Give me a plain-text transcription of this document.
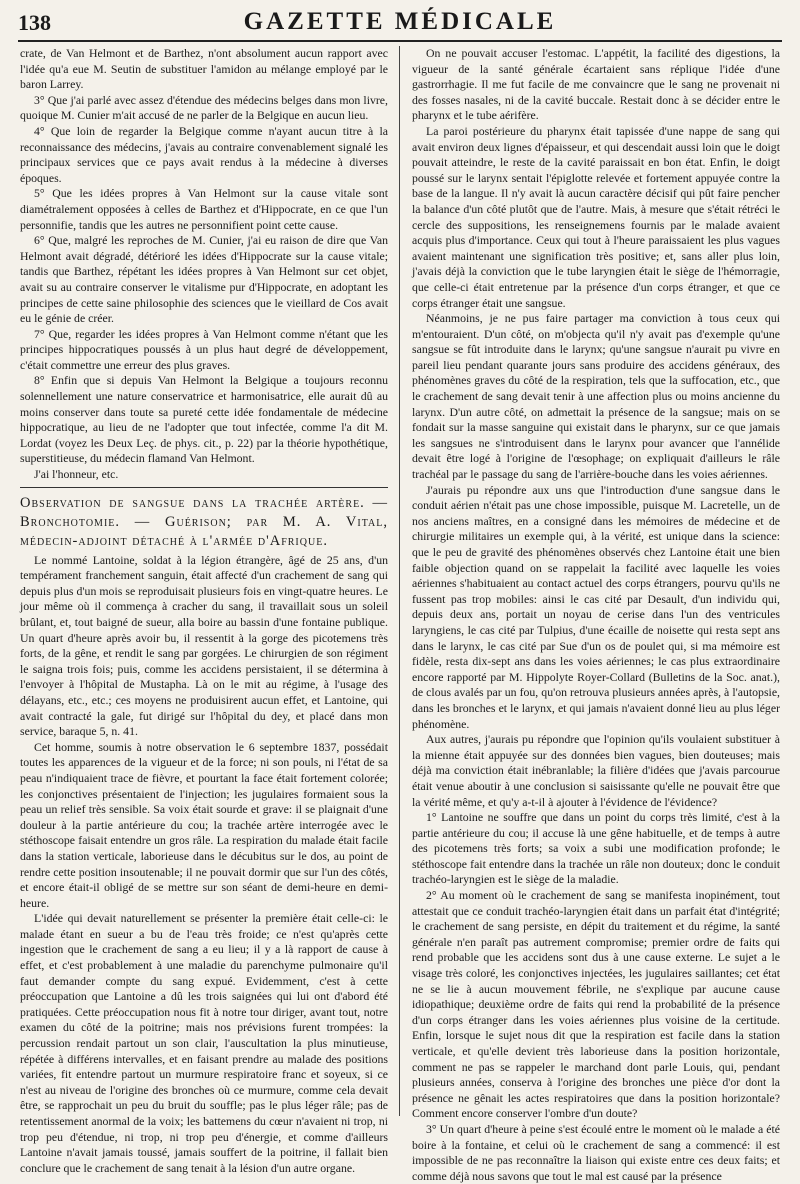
138	GAZETTE MÉDICALE

crate, de Van Helmont et de Barthez, n'ont absolument aucun rapport avec l'idée qu'a eue M. Seutin de substituer l'amidon au mélange employé par le baron Larrey.

3° Que j'ai parlé avec assez d'étendue des médecins belges dans mon livre, quoique M. Cunier m'ait accusé de ne parler de la Belgique en aucun lieu.

4° Que loin de regarder la Belgique comme n'ayant aucun titre à la reconnaissance des médecins, j'avais au contraire convenablement signalé les principaux services que ce pays avait rendus à la médecine à diverses époques.

5° Que les idées propres à Van Helmont sur la cause vitale sont diamétralement opposées à celles de Barthez et d'Hippocrate, en ce que l'un personnifie, tandis que les autres ne personnifient point cette cause.

6° Que, malgré les reproches de M. Cunier, j'ai eu raison de dire que Van Helmont avait dégradé, détérioré les idées d'Hippocrate sur la cause vitale; tandis que Barthez, répétant les idées propres à Van Helmont sur cet objet, avait su au contraire conserver le vitalisme pur d'Hippocrate, en adoptant les principes de cette saine philosophie des sciences que le vieillard de Cos avait eu le génie de créer.

7° Que, regarder les idées propres à Van Helmont comme n'étant que les principes hippocratiques poussés à un plus haut degré de développement, c'était commettre une erreur des plus graves.

8° Enfin que si depuis Van Helmont la Belgique a toujours reconnu solennellement une nature conservatrice et harmonisatrice, elle aurait dû au moins conserver dans toute sa pureté cette idée fondamentale de médecine hippocratique, au lieu de ne l'adopter que tout infectée, comme l'a dit M. Lordat (voyez les Deux Leç. de phys. cit., p. 22) par la théorie hypothétique, superstitieuse, du médecin flamand Van Helmont.

J'ai l'honneur, etc.

Observation de sangsue dans la trachée artère. — Bronchotomie. — Guérison; par M. A. Vital, médecin-adjoint détaché à l'armée d'Afrique.

Le nommé Lantoine, soldat à la légion étrangère, âgé de 25 ans, d'un tempérament franchement sanguin, était affecté d'un crachement de sang qui depuis plus d'un mois se reproduisait plusieurs fois en vingt-quatre heures. Le jour même où il commença à cracher du sang, il travaillait sous un soleil brûlant, et, tout baigné de sueur, alla boire au bassin d'une fontaine publique. Un quart d'heure après avoir bu, il ressentit à la gorge des picotemens très forts, de la gêne, et rendit le sang par gorgées. Le chirurgien de son régiment le saigna trois fois; puis, comme les accidens persistaient, il se détermina à l'envoyer à l'hôpital de Mustapha. Là on le mit au régime, à l'usage des délayans, etc., etc.; ces moyens ne produisirent aucun effet, et Lantoine, qui avait contracté la gale, fut dirigé sur l'hôpital du dey, et placé dans mon service, baraque 5, n. 41.

Cet homme, soumis à notre observation le 6 septembre 1837, possédait toutes les apparences de la vigueur et de la force; ni son pouls, ni l'état de sa peau n'indiquaient trace de fièvre, et pourtant la face était fortement colorée; les conjonctives présentaient de l'injection; les jugulaires formaient sous la peau un relief très sensible. Sa voix était sourde et grave: il se plaignait d'une douleur à la partie antérieure du cou; la trachée artère interrogée avec le stéthoscope faisait entendre un gros râle. La respiration du malade était facile dans la station verticale, laborieuse dans le décubitus sur le dos, au point de rendre cette position insoutenable; il ne pouvait dormir que sur l'un des côtés, et encore était-il obligé de se mettre sur son séant de demi-heure en demi-heure.

L'idée qui devait naturellement se présenter la première était celle-ci: le malade étant en sueur a bu de l'eau très froide; ce n'est qu'après cette ingestion que le crachement de sang a eu lieu; il y a là rapport de cause à effet, et c'est probablement à une maladie du parenchyme pulmonaire qu'il faut demander compte du sang expué. Evidemment, c'est à cette préoccupation que Lantoine a dû les trois saignées qui lui ont d'abord été pratiquées. Cette préoccupation nous fit à notre tour diriger, avant tout, notre examen du côté de la poitrine; mais nos prévisions furent trompées: la percussion rendait partout un son clair, l'auscultation la plus minutieuse, répétée à différens intervalles, et en faisant prendre au malade des positions variées, fit entendre partout un murmure respiratoire franc et soyeux, si ce n'est au niveau de l'origine des bronches où ce murmure, comme cela devait être, se rapprochait un peu du bruit du souffle; pas le plus léger râle; pas de retentissement anormal de la voix; les battemens du cœur n'avaient ni trop, ni trop peu d'étendue, ni trop, ni trop peu d'énergie, et comme d'ailleurs Lantoine n'avait jamais toussé, jamais souffert de la poitrine, il fallait bien conclure que le crachement de sang tenait à la lésion d'un autre organe.

On ne pouvait accuser l'estomac. L'appétit, la facilité des digestions, la vigueur de la santé générale écartaient sans réplique l'idée d'une gastrorrhagie. Il me fut facile de me convaincre que le sang ne provenait ni des fosses nasales, ni de la cavité buccale. Restait donc à se décider entre le pharynx et le tube aérifère.

La paroi postérieure du pharynx était tapissée d'une nappe de sang qui avait environ deux lignes d'épaisseur, et qui descendait aussi loin que le doigt pouvait atteindre, le reste de la cavité paraissait en bon état. Enfin, le doigt poussé sur le larynx sentait l'épiglotte relevée et fortement appuyée contre la base de la langue. Il n'y avait là aucun caractère décisif qui pût faire pencher la balance d'un côté plutôt que de l'autre. Mais, à mesure que s'était rétréci le cercle des suppositions, les renseignemens fournis par le malade avaient acquis plus d'importance. Ceux qui tout à l'heure paraissaient les plus vagues avaient maintenant une signification très positive; et, sans aller plus loin, j'avais déjà la conviction que le tube laryngien était le siège de l'hémorragie, que celle-ci était entretenue par la présence d'un corps étranger, et que ce corps étranger était une sangsue.

Néanmoins, je ne pus faire partager ma conviction à tous ceux qui m'entouraient. D'un côté, on m'objecta qu'il n'y avait pas d'exemple qu'une sangsue se fût introduite dans le larynx; qu'une sangsue n'aurait pu vivre en pareil lieu pendant quarante jours sans produire des accidens généraux, des phénomènes graves du côté de la respiration, tels que la suffocation, etc., que le crachement de sang devait tenir à une affection plus ou moins ancienne du larynx. D'un autre côté, on admettait la présence de la sangsue; mais on se fondait sur la masse sanguine qui existait dans le pharynx, sur ce que jamais les sangsues ne s'introduisent dans le larynx pour avancer que l'annélide devait être logé à l'origine de l'œsophage; on expliquait d'ailleurs le râle trachéal par le passage du sang de l'arrière-bouche dans les voies aériennes.

J'aurais pu répondre aux uns que l'introduction d'une sangsue dans le conduit aérien n'était pas une chose impossible, puisque M. Lacretelle, un de nos anciens maîtres, en a consigné dans les mémoires de médecine et de chirurgie militaires un exemple qui, à la vérité, est unique dans la science: que le peu de gravité des phénomènes observés chez Lantoine était une bien faible objection quand on se rappelait la facilité avec laquelle les voies aériennes s'habituaient au contact actuel des corps étrangers, pourvu qu'ils ne fussent pas trop mobiles: ainsi le cas cité par Desault, d'un individu qui, depuis deux ans, portait un noyau de cerise dans l'un des ventricules laryngiens, le cas cité par Tulpius, d'une écaille de noisette qui resta sept ans dans le larynx, le cas cité par Sue d'un os de poulet qui, si ma mémoire est fidèle, resta dix-sept ans dans les voies aériennes; le cas plus extraordinaire encore rapporté par M. Hippolyte Royer-Collard (Bulletins de la Soc. anat.), de clous avalés par un fou, qu'on retrouva plusieurs années après, à l'autopsie, dans les bronches et le larynx, et qui jamais n'avaient donné lieu au plus léger phénomène.

Aux autres, j'aurais pu répondre que l'opinion qu'ils voulaient substituer à la mienne était appuyée sur des données bien vagues, bien douteuses; mais déjà ma conviction était inébranlable; la filière d'idées que j'avais parcourue était venue aboutir à une conclusion si saisissante qu'elle ne pouvait être que la vérité même, et qu'y a-t-il à ajouter à l'évidence de l'évidence?

1° Lantoine ne souffre que dans un point du corps très limité, c'est à la partie antérieure du cou; il accuse là une gêne habituelle, et de temps à autre des picotemens très forts; sa voix a subi une modification profonde; le stéthoscope fait entendre dans la trachée un râle non douteux; donc le conduit trachéo-laryngien est le siège de la maladie.

2° Au moment où le crachement de sang se manifesta inopinément, tout attestait que ce conduit trachéo-laryngien était dans un parfait état d'intégrité; le crachement de sang persiste, en dépit du traitement et du régime, la santé générale n'en paraît pas autrement compromise; premier ordre de faits qui rend probable que les accidens sont dus à une cause externe. Le sujet a le visage très coloré, les conjonctives injectées, les jugulaires saillantes; cet état ne se lie à aucun mouvement fébrile, ne s'explique par aucune cause idiopathique; deuxième ordre de faits qui rend la probabilité de la présence d'un corps étranger dans les voies aériennes plus voisine de la certitude. Enfin, lorsque le sujet nous dit que la respiration est facile dans la station verticale, et qu'elle devient très laborieuse dans la position horizontale, comment ne pas se rappeler le marchand dont parle Louis, qui, pendant plusieurs années, conserva à l'origine des bronches une pièce d'or dont la présence ne gênait les actes respiratoires que dans la position horizontale? Comment encore conserver l'ombre d'un doute?

3° Un quart d'heure à peine s'est écoulé entre le moment où le malade a été boire à la fontaine, et celui où le crachement de sang a commencé: il est impossible de ne pas reconnaître la liaison qui existe entre ces deux faits; et comme déjà nous savons que tout le mal est causé par la présence
